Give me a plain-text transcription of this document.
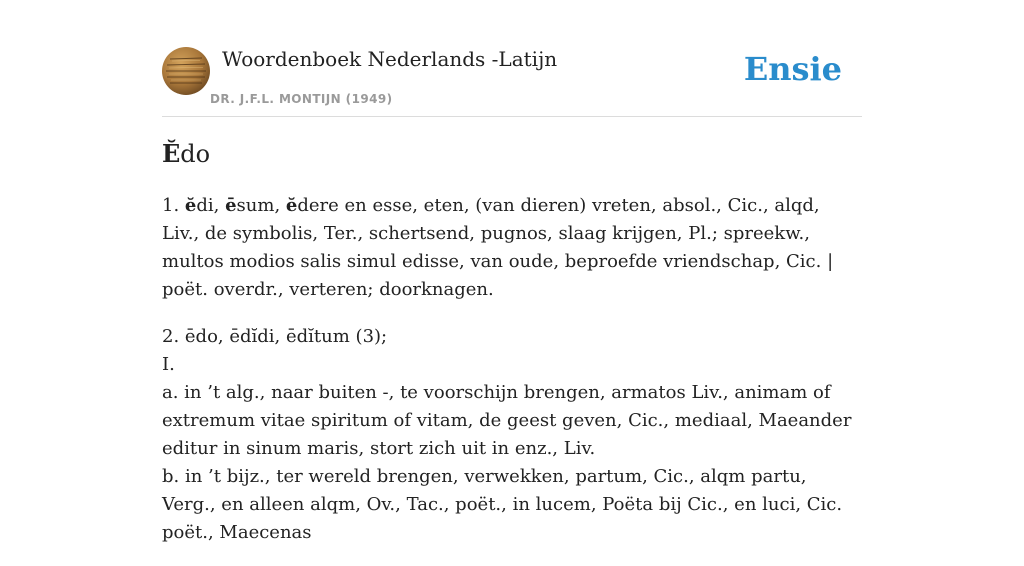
Woordenboek Nederlands -Latijn
DR. J.F.L. MONTIJN (1949)
Ensie
Ĕdo

1. ĕdi, ēsum, ĕdere en esse, eten, (van dieren) vreten, absol., Cic., alqd, Liv., de symbolis, Ter., schertsend, pugnos, slaag krijgen, Pl.; spreekw., multos modios salis simul edisse, van oude, beproefde vriendschap, Cic. | poët. overdr., verteren; doorknagen.

2. ēdo, ēdĭdi, ēdĭtum (3);
I.
a. in ’t alg., naar buiten -, te voorschijn brengen, armatos Liv., animam of extremum vitae spiritum of vitam, de geest geven, Cic., mediaal, Maeander editur in sinum maris, stort zich uit in enz., Liv.
b. in ’t bijz., ter wereld brengen, verwekken, partum, Cic., alqm partu, Verg., en alleen alqm, Ov., Tac., poët., in lucem, Poëta bij Cic., en luci, Cic. poët., Maecenas
